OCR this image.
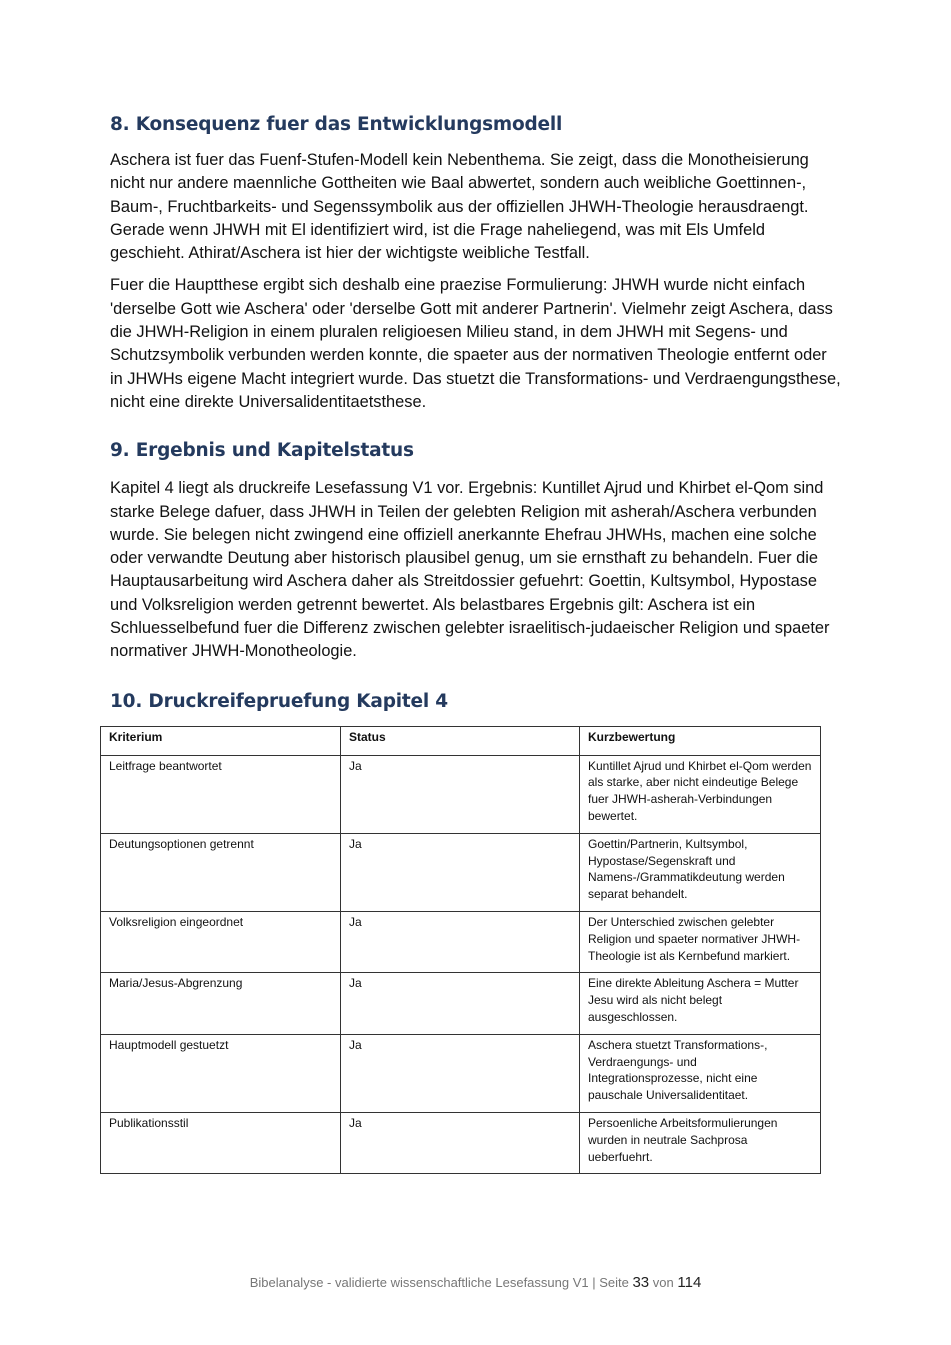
8. Konsequenz fuer das Entwicklungsmodell

Aschera ist fuer das Fuenf-Stufen-Modell kein Nebenthema. Sie zeigt, dass die Monotheisierung nicht nur andere maennliche Gottheiten wie Baal abwertet, sondern auch weibliche Goettinnen-, Baum-, Fruchtbarkeits- und Segenssymbolik aus der offiziellen JHWH-Theologie herausdraengt. Gerade wenn JHWH mit El identifiziert wird, ist die Frage naheliegend, was mit Els Umfeld geschieht. Athirat/Aschera ist hier der wichtigste weibliche Testfall.

Fuer die Hauptthese ergibt sich deshalb eine praezise Formulierung: JHWH wurde nicht einfach 'derselbe Gott wie Aschera' oder 'derselbe Gott mit anderer Partnerin'. Vielmehr zeigt Aschera, dass die JHWH-Religion in einem pluralen religioesen Milieu stand, in dem JHWH mit Segens- und Schutzsymbolik verbunden werden konnte, die spaeter aus der normativen Theologie entfernt oder in JHWHs eigene Macht integriert wurde. Das stuetzt die Transformations- und Verdraengungsthese, nicht eine direkte Universalidentitaetsthese.

9. Ergebnis und Kapitelstatus

Kapitel 4 liegt als druckreife Lesefassung V1 vor. Ergebnis: Kuntillet Ajrud und Khirbet el-Qom sind starke Belege dafuer, dass JHWH in Teilen der gelebten Religion mit asherah/Aschera verbunden wurde. Sie belegen nicht zwingend eine offiziell anerkannte Ehefrau JHWHs, machen eine solche oder verwandte Deutung aber historisch plausibel genug, um sie ernsthaft zu behandeln. Fuer die Hauptausarbeitung wird Aschera daher als Streitdossier gefuehrt: Goettin, Kultsymbol, Hypostase und Volksreligion werden getrennt bewertet. Als belastbares Ergebnis gilt: Aschera ist ein Schluesselbefund fuer die Differenz zwischen gelebter israelitisch-judaeischer Religion und spaeter normativer JHWH-Monotheologie.

10. Druckreifepruefung Kapitel 4
Kriterium	Status	Kurzbewertung
Leitfrage beantwortet	Ja	Kuntillet Ajrud und Khirbet el-Qom werden als starke, aber nicht eindeutige Belege fuer JHWH-asherah-Verbindungen bewertet.
Deutungsoptionen getrennt	Ja	Goettin/Partnerin, Kultsymbol, Hypostase/Segenskraft und Namens-/Grammatikdeutung werden separat behandelt.
Volksreligion eingeordnet	Ja	Der Unterschied zwischen gelebter Religion und spaeter normativer JHWH-Theologie ist als Kernbefund markiert.
Maria/Jesus-Abgrenzung	Ja	Eine direkte Ableitung Aschera = Mutter Jesu wird als nicht belegt ausgeschlossen.
Hauptmodell gestuetzt	Ja	Aschera stuetzt Transformations-, Verdraengungs- und Integrationsprozesse, nicht eine pauschale Universalidentitaet.
Publikationsstil	Ja	Persoenliche Arbeitsformulierungen wurden in neutrale Sachprosa ueberfuehrt.
Bibelanalyse - validierte wissenschaftliche Lesefassung V1 | Seite 33 von 114
